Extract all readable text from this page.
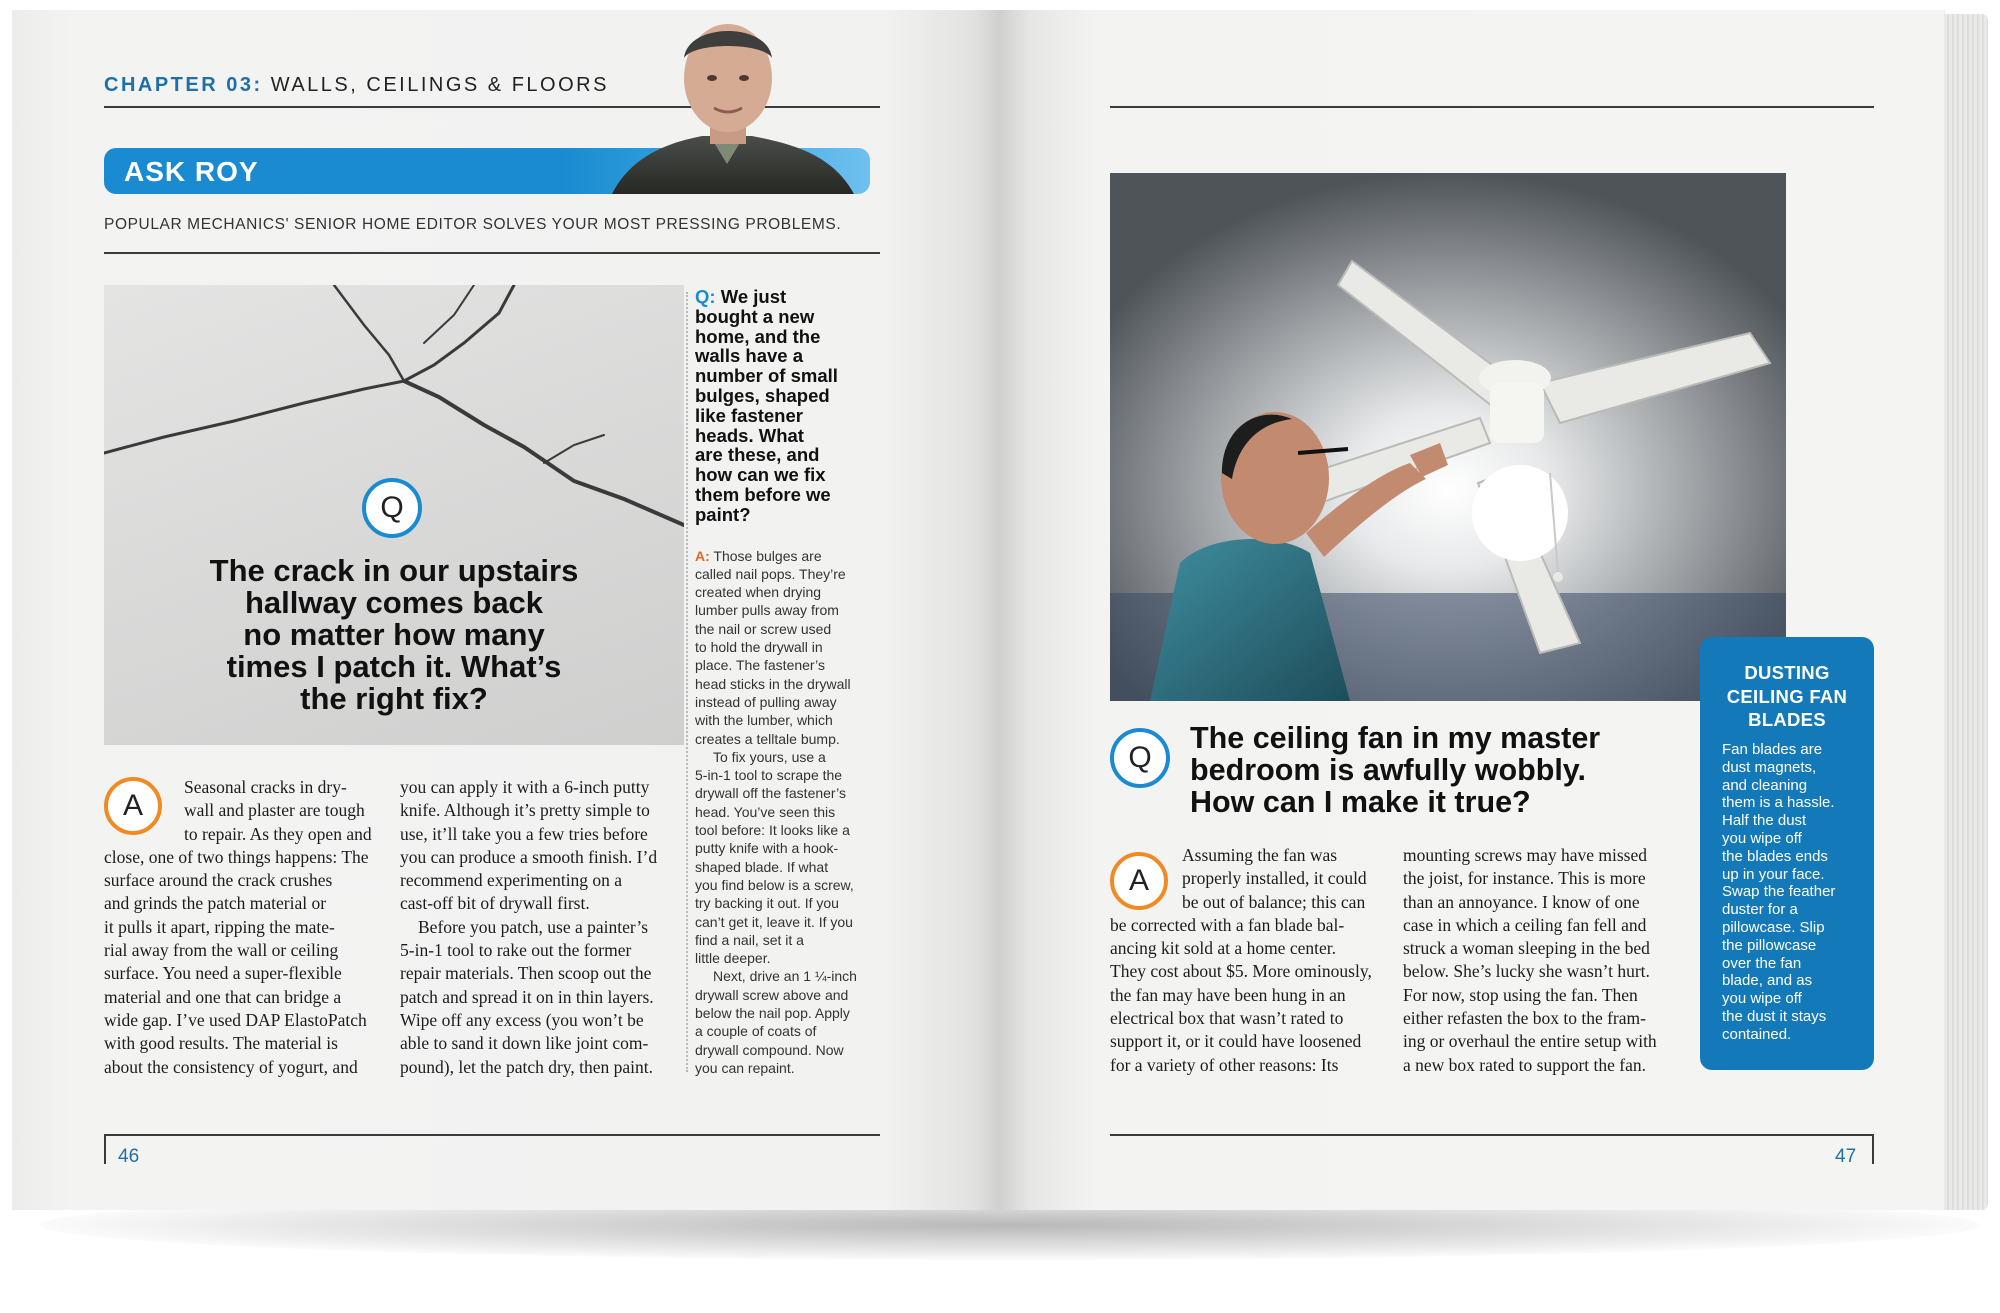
CHAPTER 03: WALLS, CEILINGS & FLOORS
ASK ROY
POPULAR MECHANICS' SENIOR HOME EDITOR SOLVES YOUR MOST PRESSING PROBLEMS.
Q
The crack in our upstairs
hallway comes back
no matter how many
times I patch it. What’s
the right fix?
A

Seasonal cracks in dry-

wall and plaster are tough

to repair. As they open and

close, one of two things happens: The

surface around the crack crushes

and grinds the patch material or

it pulls it apart, ripping the mate-

rial away from the wall or ceiling

surface. You need a super-flexible

material and one that can bridge a

wide gap. I’ve used DAP ElastoPatch

with good results. The material is

about the consistency of yogurt, and

you can apply it with a 6-inch putty

knife. Although it’s pretty simple to

use, it’ll take you a few tries before

you can produce a smooth finish. I’d

recommend experimenting on a

cast-off bit of drywall first.

Before you patch, use a painter’s

5-in-1 tool to rake out the former

repair materials. Then scoop out the

patch and spread it on in thin layers.

Wipe off any excess (you won’t be

able to sand it down like joint com-

pound), let the patch dry, then paint.

Q: We just
bought a new
home, and the
walls have a
number of small
bulges, shaped
like fastener
heads. What
are these, and
how can we fix
them before we
paint?

A: Those bulges are

called nail pops. They’re

created when drying

lumber pulls away from

the nail or screw used

to hold the drywall in

place. The fastener’s

head sticks in the drywall

instead of pulling away

with the lumber, which

creates a telltale bump.

To fix yours, use a

5-in-1 tool to scrape the

drywall off the fastener’s

head. You’ve seen this

tool before: It looks like a

putty knife with a hook-

shaped blade. If what

you find below is a screw,

try backing it out. If you

can’t get it, leave it. If you

find a nail, set it a

little deeper.

Next, drive an 1 ¼-inch

drywall screw above and

below the nail pop. Apply

a couple of coats of

drywall compound. Now

you can repaint.

46
Q
The ceiling fan in my master
bedroom is awfully wobbly.
How can I make it true?
A

Assuming the fan was

properly installed, it could

be out of balance; this can

be corrected with a fan blade bal-

ancing kit sold at a home center.

They cost about $5. More ominously,

the fan may have been hung in an

electrical box that wasn’t rated to

support it, or it could have loosened

for a variety of other reasons: Its

mounting screws may have missed

the joist, for instance. This is more

than an annoyance. I know of one

case in which a ceiling fan fell and

struck a woman sleeping in the bed

below. She’s lucky she wasn’t hurt.

For now, stop using the fan. Then

either refasten the box to the fram-

ing or overhaul the entire setup with

a new box rated to support the fan.

DUSTING
CEILING FAN
BLADES
Fan blades are
dust magnets,
and cleaning
them is a hassle.
Half the dust
you wipe off
the blades ends
up in your face.
Swap the feather
duster for a
pillowcase. Slip
the pillowcase
over the fan
blade, and as
you wipe off
the dust it stays
contained.
47
